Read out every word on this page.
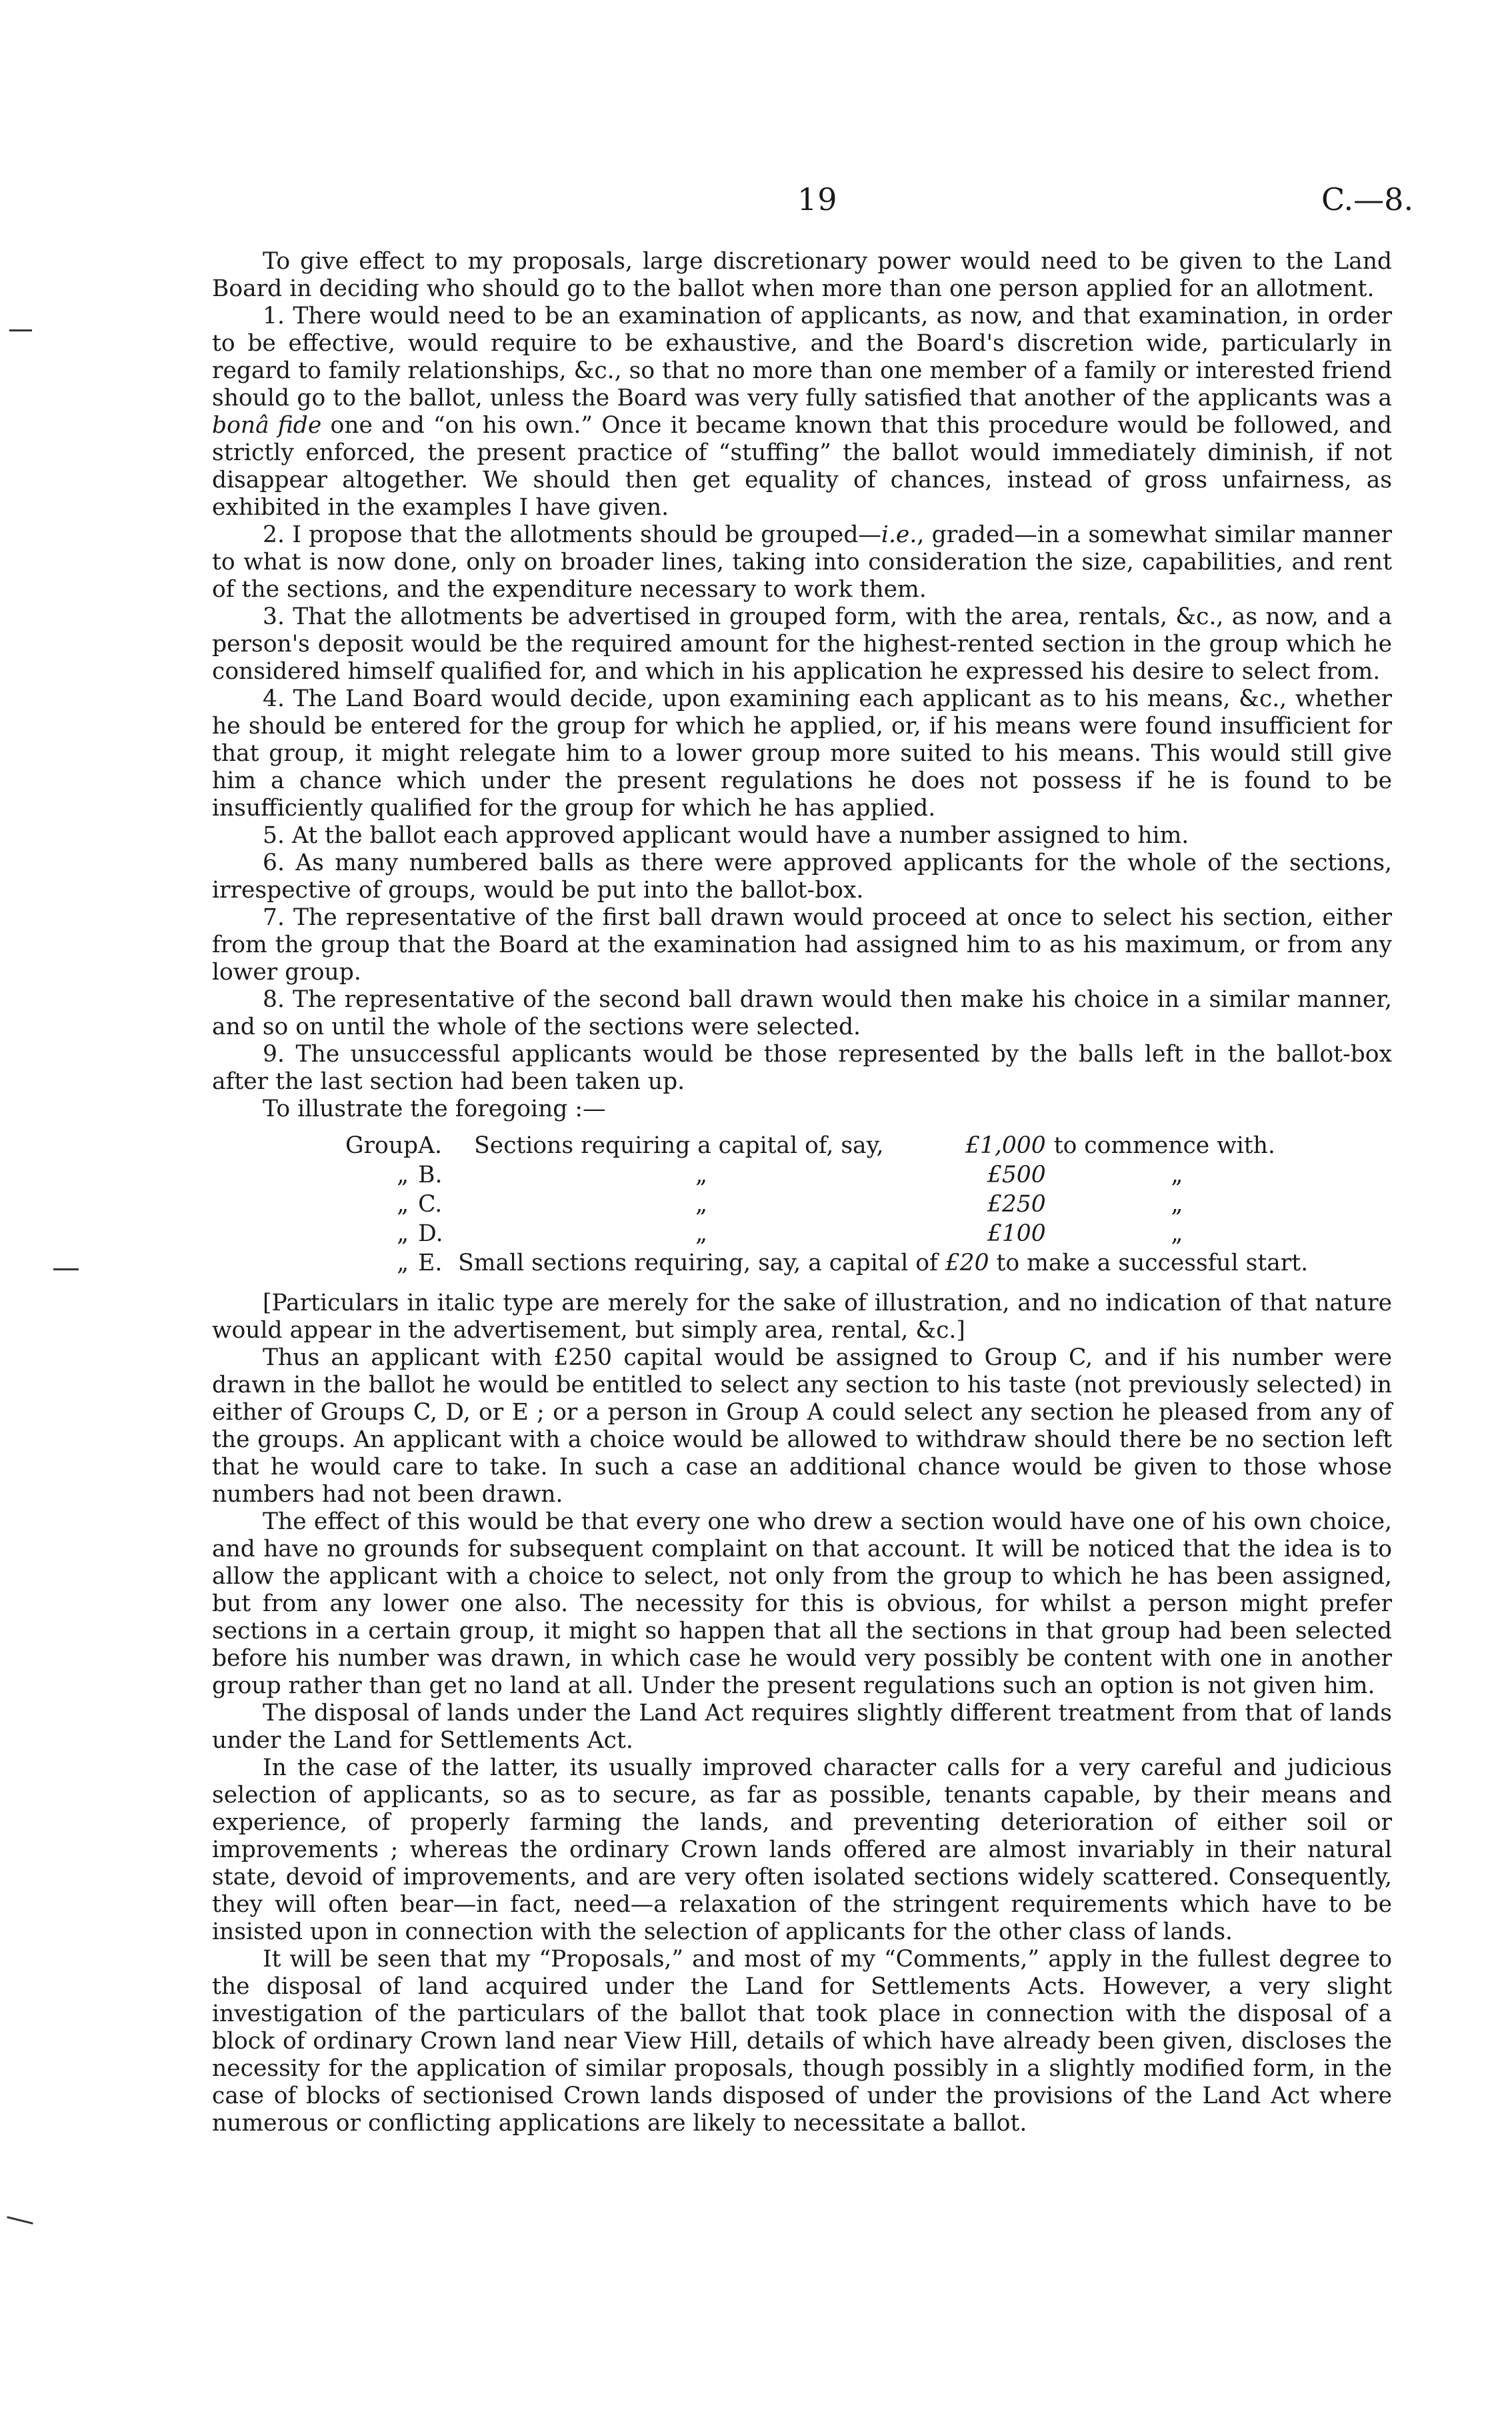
19	C.—8.

To give effect to my proposals, large discretionary power would need to be given to the Land Board in deciding who should go to the ballot when more than one person applied for an allotment.

1. There would need to be an examination of applicants, as now, and that examination, in order to be effective, would require to be exhaustive, and the Board's discretion wide, particularly in regard to family relationships, &c., so that no more than one member of a family or interested friend should go to the ballot, unless the Board was very fully satisfied that another of the applicants was a bonâ fide one and “on his own.” Once it became known that this procedure would be followed, and strictly enforced, the present practice of “stuffing” the ballot would immediately diminish, if not disappear altogether. We should then get equality of chances, instead of gross unfairness, as exhibited in the examples I have given.

2. I propose that the allotments should be grouped—i.e., graded—in a somewhat similar manner to what is now done, only on broader lines, taking into consideration the size, capabilities, and rent of the sections, and the expenditure necessary to work them.

3. That the allotments be advertised in grouped form, with the area, rentals, &c., as now, and a person's deposit would be the required amount for the highest-rented section in the group which he considered himself qualified for, and which in his application he expressed his desire to select from.

4. The Land Board would decide, upon examining each applicant as to his means, &c., whether he should be entered for the group for which he applied, or, if his means were found insufficient for that group, it might relegate him to a lower group more suited to his means. This would still give him a chance which under the present regulations he does not possess if he is found to be insufficiently qualified for the group for which he has applied.

5. At the ballot each approved applicant would have a number assigned to him.

6. As many numbered balls as there were approved applicants for the whole of the sections, irrespective of groups, would be put into the ballot-box.

7. The representative of the first ball drawn would proceed at once to select his section, either from the group that the Board at the examination had assigned him to as his maximum, or from any lower group.

8. The representative of the second ball drawn would then make his choice in a similar manner, and so on until the whole of the sections were selected.

9. The unsuccessful applicants would be those represented by the balls left in the ballot-box after the last section had been taken up.

To illustrate the foregoing :—

Group	A.	Sections requiring a capital of, say,	£1,000	to commence with.
„	B.	„	£500	„
„	C.	„	£250	„
„	D.	„	£100	„
„	E.	Small sections requiring, say, a capital of £20 to make a successful start.		

[Particulars in italic type are merely for the sake of illustration, and no indication of that nature would appear in the advertisement, but simply area, rental, &c.]

Thus an applicant with £250 capital would be assigned to Group C, and if his number were drawn in the ballot he would be entitled to select any section to his taste (not previously selected) in either of Groups C, D, or E ; or a person in Group A could select any section he pleased from any of the groups. An applicant with a choice would be allowed to withdraw should there be no section left that he would care to take. In such a case an additional chance would be given to those whose numbers had not been drawn.

The effect of this would be that every one who drew a section would have one of his own choice, and have no grounds for subsequent complaint on that account. It will be noticed that the idea is to allow the applicant with a choice to select, not only from the group to which he has been assigned, but from any lower one also. The necessity for this is obvious, for whilst a person might prefer sections in a certain group, it might so happen that all the sections in that group had been selected before his number was drawn, in which case he would very possibly be content with one in another group rather than get no land at all. Under the present regulations such an option is not given him.

The disposal of lands under the Land Act requires slightly different treatment from that of lands under the Land for Settlements Act.

In the case of the latter, its usually improved character calls for a very careful and judicious selection of applicants, so as to secure, as far as possible, tenants capable, by their means and experience, of properly farming the lands, and preventing deterioration of either soil or improvements ; whereas the ordinary Crown lands offered are almost invariably in their natural state, devoid of improvements, and are very often isolated sections widely scattered. Consequently, they will often bear—in fact, need—a relaxation of the stringent requirements which have to be insisted upon in connection with the selection of applicants for the other class of lands.

It will be seen that my “Proposals,” and most of my “Comments,” apply in the fullest degree to the disposal of land acquired under the Land for Settlements Acts. However, a very slight investigation of the particulars of the ballot that took place in connection with the disposal of a block of ordinary Crown land near View Hill, details of which have already been given, discloses the necessity for the application of similar proposals, though possibly in a slightly modified form, in the case of blocks of sectionised Crown lands disposed of under the provisions of the Land Act where numerous or conflicting applications are likely to necessitate a ballot.
